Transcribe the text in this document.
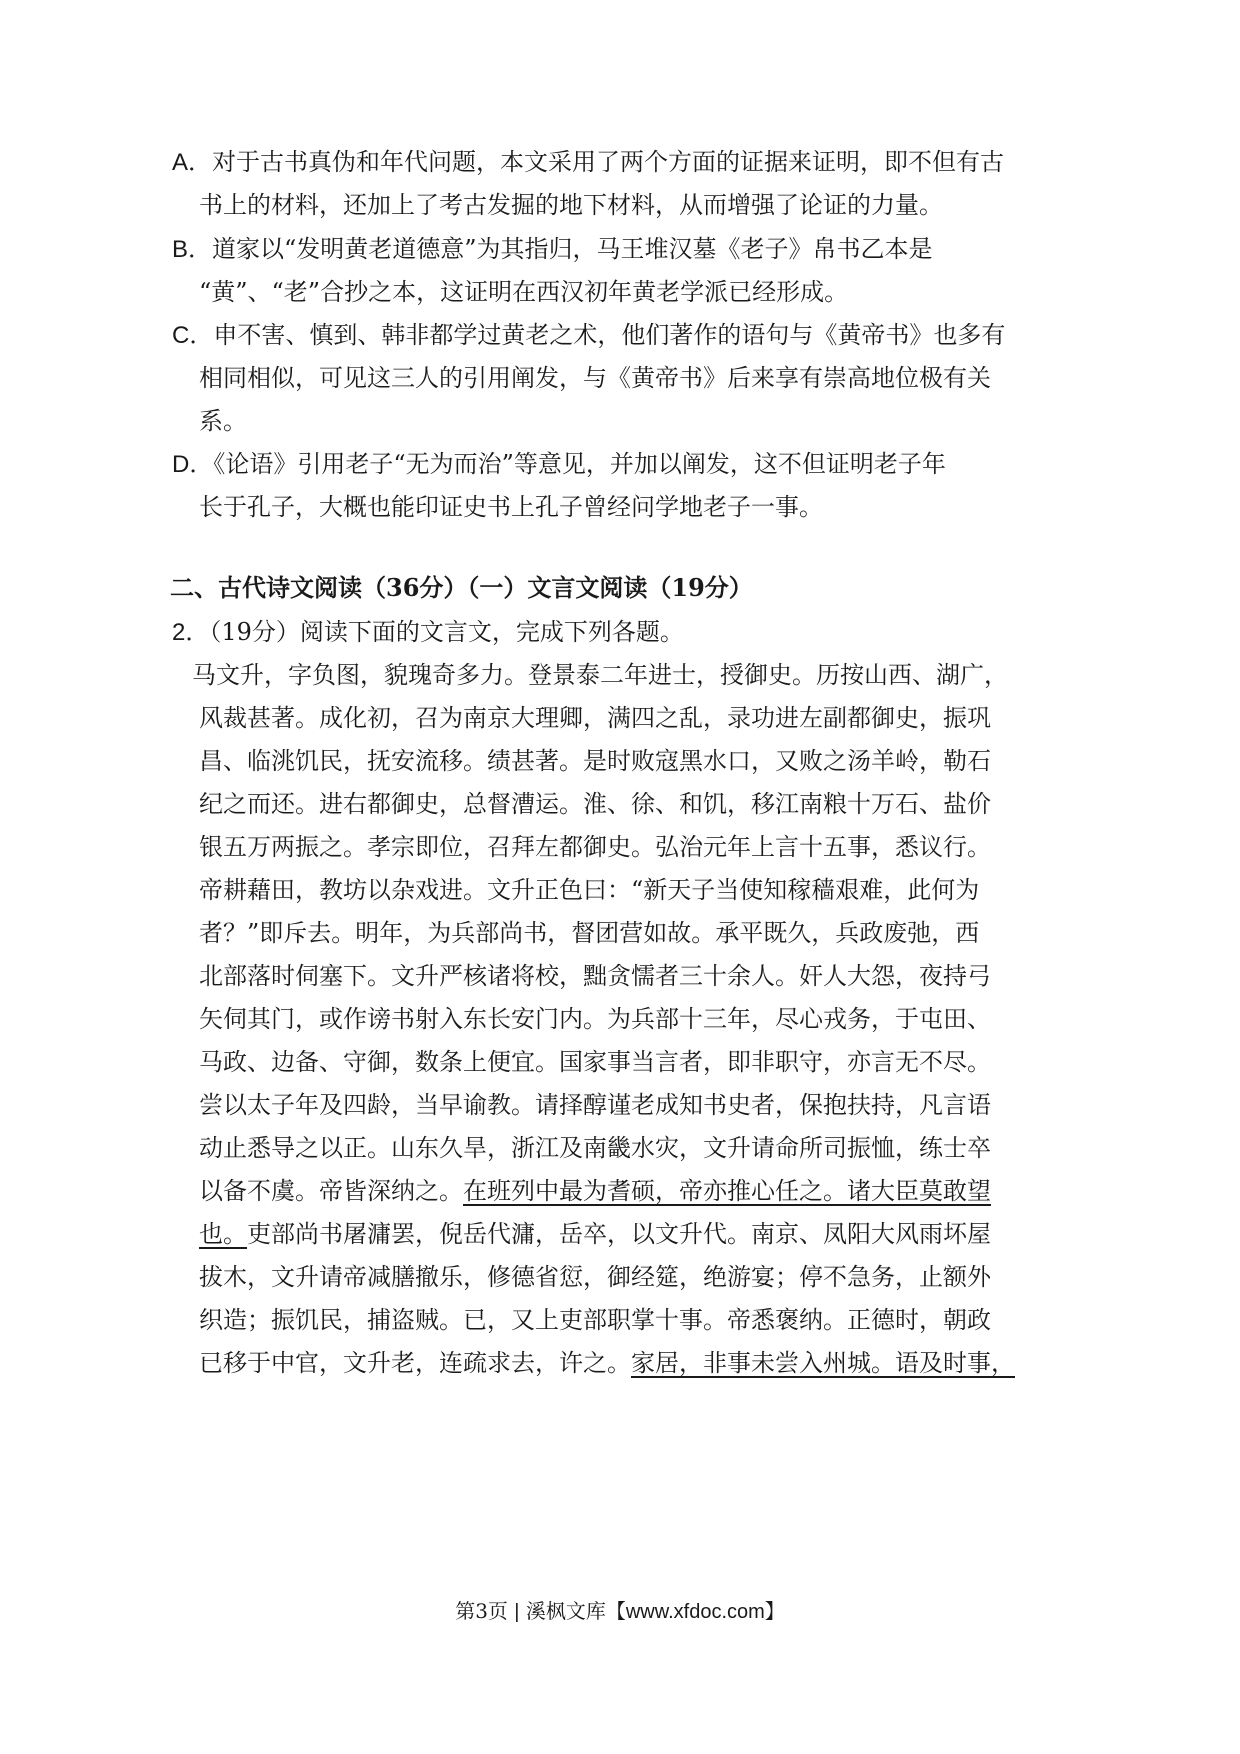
A．对于古书真伪和年代问题，本文采用了两个方面的证据来证明，即不但有古
书上的材料，还加上了考古发掘的地下材料，从而增强了论证的力量。
B．道家以“发明黄老道德意”为其指归，马王堆汉墓《老子》帛书乙本是
“黄”、“老”合抄之本，这证明在西汉初年黄老学派已经形成。
C．申不害、慎到、韩非都学过黄老之术，他们著作的语句与《黄帝书》也多有
相同相似，可见这三人的引用阐发，与《黄帝书》后来享有崇高地位极有关
系。
D．《论语》引用老子“无为而治”等意见，并加以阐发，这不但证明老子年
长于孔子，大概也能印证史书上孔子曾经问学地老子一事。
二、古代诗文阅读（36分）（一）文言文阅读（19分）
2．（19分）阅读下面的文言文，完成下列各题。
马文升，字负图，貌瑰奇多力。登景泰二年进士，授御史。历按山西、湖广，
风裁甚著。成化初，召为南京大理卿，满四之乱，录功进左副都御史，振巩
昌、临洮饥民，抚安流移。绩甚著。是时败寇黑水口，又败之汤羊岭，勒石
纪之而还。进右都御史，总督漕运。淮、徐、和饥，移江南粮十万石、盐价
银五万两振之。孝宗即位，召拜左都御史。弘治元年上言十五事，悉议行。
帝耕藉田，教坊以杂戏进。文升正色曰：“新天子当使知稼穑艰难，此何为
者？”即斥去。明年，为兵部尚书，督团营如故。承平既久，兵政废弛，西
北部落时伺塞下。文升严核诸将校，黜贪懦者三十余人。奸人大怨，夜持弓
矢伺其门，或作谤书射入东长安门内。为兵部十三年，尽心戎务，于屯田、
马政、边备、守御，数条上便宜。国家事当言者，即非职守，亦言无不尽。
尝以太子年及四龄，当早谕教。请择醇谨老成知书史者，保抱扶持，凡言语
动止悉导之以正。山东久旱，浙江及南畿水灾，文升请命所司振恤，练士卒
以备不虞。帝皆深纳之。在班列中最为耆硕，帝亦推心任之。诸大臣莫敢望
也。吏部尚书屠滽罢，倪岳代滽，岳卒，以文升代。南京、凤阳大风雨坏屋
拔木，文升请帝减膳撤乐，修德省愆，御经筵，绝游宴；停不急务，止额外
织造；振饥民，捕盗贼。已，又上吏部职掌十事。帝悉褒纳。正德时，朝政
已移于中官，文升老，连疏求去，许之。家居，非事未尝入州城。语及时事，
第3页 | 溪枫文库【www.xfdoc.com】
